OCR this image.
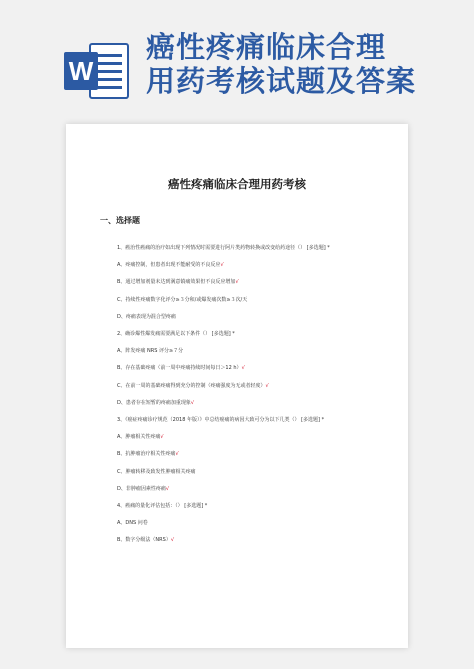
W
癌性疼痛临床合理
用药考核试题及答案
癌性疼痛临床合理用药考核
一、选择题
1、癌治性癌痛的治疗如出现下列情况时需要进行阿片类药物转换或改变给药途径（） [多选题] *
A、疼痛控制，但患者出现不能耐受的不良反应√
B、通过增加剂量未达到满意镇痛效果但不良反应增加√
C、持续性疼痛数字化评分≥３分和/或爆发痛次数≥３次/天
D、疼痛表现为混合型疼痛
2、确诊爆性爆发痛需要满足以下条件（） [多选题] *
A、阵发疼痛 NRS 评分≥７分
B、存在基础疼痛（前一周中疼痛持续时间每日＞12 h）√
C、在前一周的基础疼痛得到充分的控制（疼痛强度为无或者轻度）√
D、患者存在短暂的疼痛加重现象√
3、《癌症疼痛诊疗规范（2018 年版）》中总结癌痛的病因大致可分为以下几类（） [多选题] *
A、肿瘤相关性疼痛√
B、抗肿瘤治疗相关性疼痛√
C、肿瘤转移及致发性肿瘤相关疼痛
D、非肿瘤因素性疼痛√
4、癌痛的量化评估包括：（） [多选题] *
A、DNS 问卷
B、数字分级法（NRS）√
